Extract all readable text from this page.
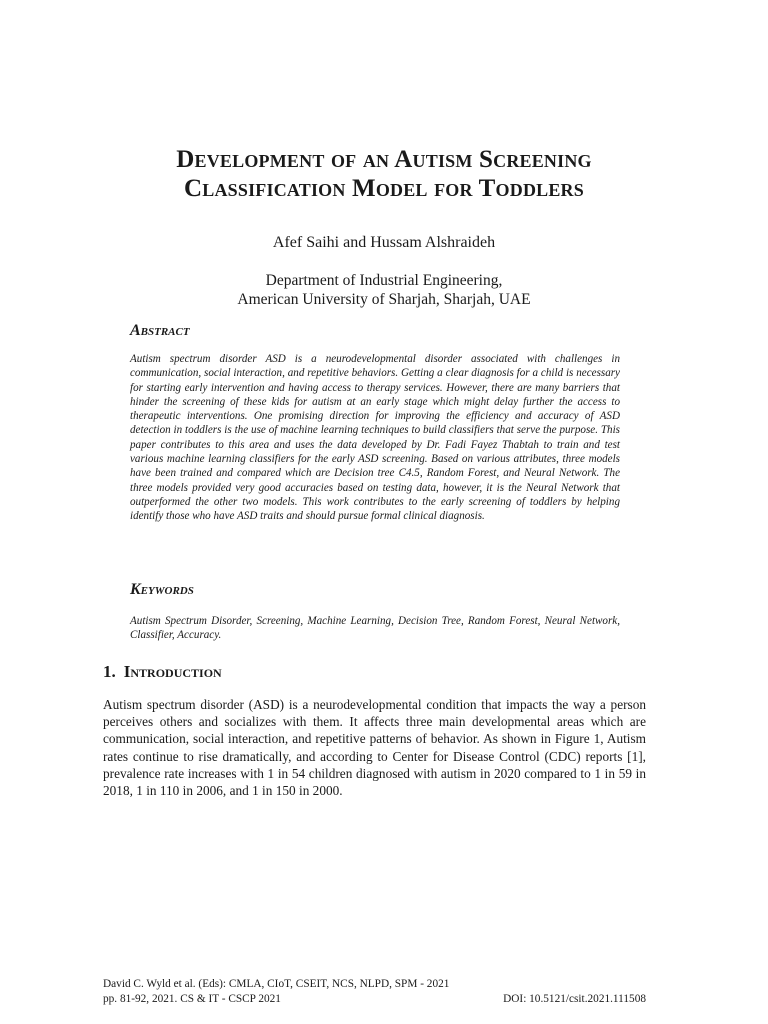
Development of an Autism Screening
Classification Model for Toddlers
Afef Saihi and Hussam Alshraideh
Department of Industrial Engineering,
American University of Sharjah, Sharjah, UAE
Abstract

Autism spectrum disorder ASD is a neurodevelopmental disorder associated with challenges in communication, social interaction, and repetitive behaviors. Getting a clear diagnosis for a child is necessary for starting early intervention and having access to therapy services. However, there are many barriers that hinder the screening of these kids for autism at an early stage which might delay further the access to therapeutic interventions. One promising direction for improving the efficiency and accuracy of ASD detection in toddlers is the use of machine learning techniques to build classifiers that serve the purpose. This paper contributes to this area and uses the data developed by Dr. Fadi Fayez Thabtah to train and test various machine learning classifiers for the early ASD screening. Based on various attributes, three models have been trained and compared which are Decision tree C4.5, Random Forest, and Neural Network. The three models provided very good accuracies based on testing data, however, it is the Neural Network that outperformed the other two models. This work contributes to the early screening of toddlers by helping identify those who have ASD traits and should pursue formal clinical diagnosis.

Keywords

Autism Spectrum Disorder, Screening, Machine Learning, Decision Tree, Random Forest, Neural Network, Classifier, Accuracy.

1. Introduction

Autism spectrum disorder (ASD) is a neurodevelopmental condition that impacts the way a person perceives others and socializes with them. It affects three main developmental areas which are communication, social interaction, and repetitive patterns of behavior. As shown in Figure 1, Autism rates continue to rise dramatically, and according to Center for Disease Control (CDC) reports [1], prevalence rate increases with 1 in 54 children diagnosed with autism in 2020 compared to 1 in 59 in 2018, 1 in 110 in 2006, and 1 in 150 in 2000.

David C. Wyld et al. (Eds): CMLA, CIoT, CSEIT, NCS, NLPD, SPM - 2021
pp. 81-92, 2021. CS & IT - CSCP 2021	DOI: 10.5121/csit.2021.111508
